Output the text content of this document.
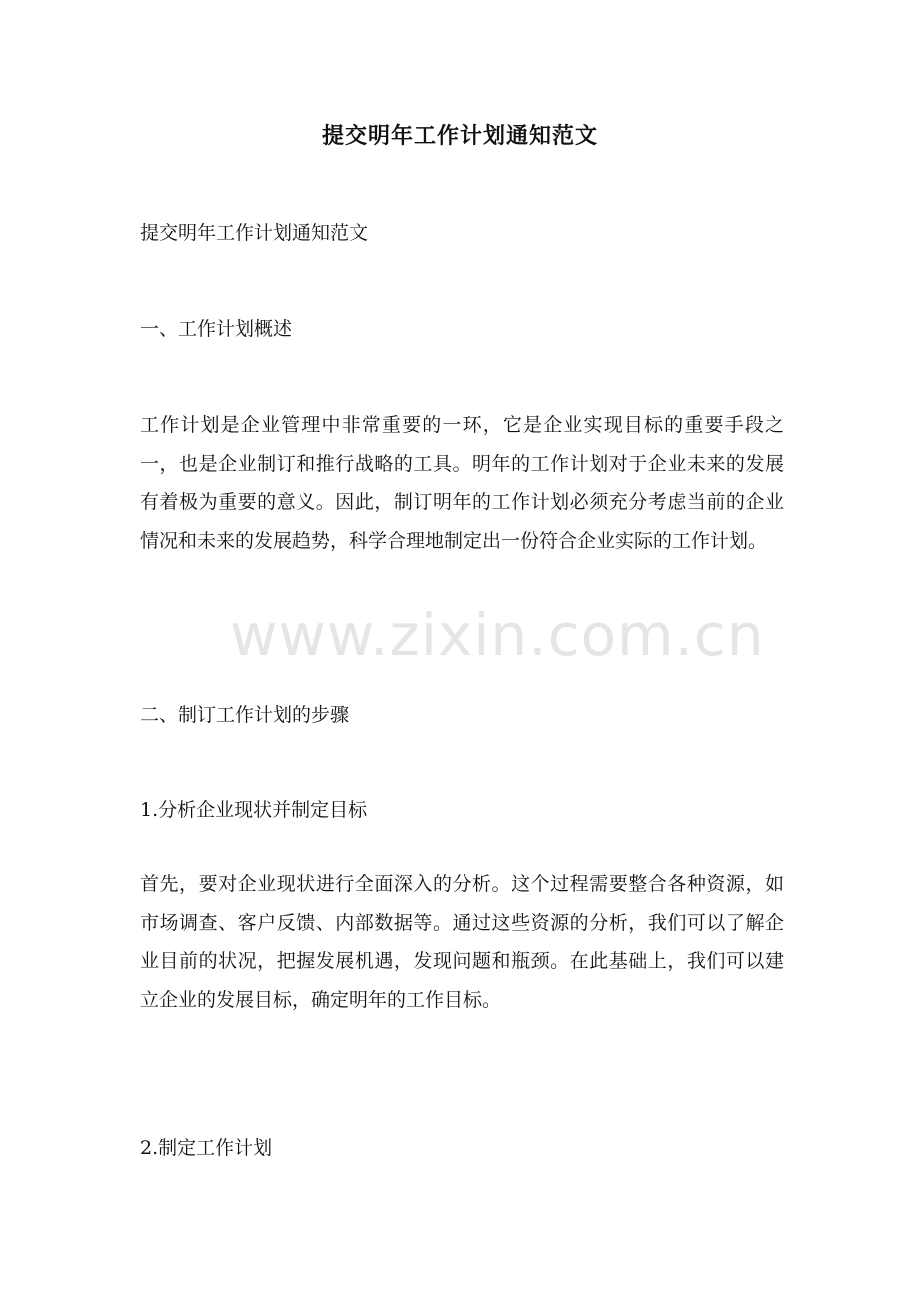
提交明年工作计划通知范文
提交明年工作计划通知范文
一、工作计划概述
工作计划是企业管理中非常重要的一环，它是企业实现目标的重要手段之一，也是企业制订和推行战略的工具。明年的工作计划对于企业未来的发展有着极为重要的意义。因此，制订明年的工作计划必须充分考虑当前的企业情况和未来的发展趋势，科学合理地制定出一份符合企业实际的工作计划。
二、制订工作计划的步骤
1.分析企业现状并制定目标
首先，要对企业现状进行全面深入的分析。这个过程需要整合各种资源，如市场调查、客户反馈、内部数据等。通过这些资源的分析，我们可以了解企业目前的状况，把握发展机遇，发现问题和瓶颈。在此基础上，我们可以建立企业的发展目标，确定明年的工作目标。
2.制定工作计划
www.zixin.com.cn
